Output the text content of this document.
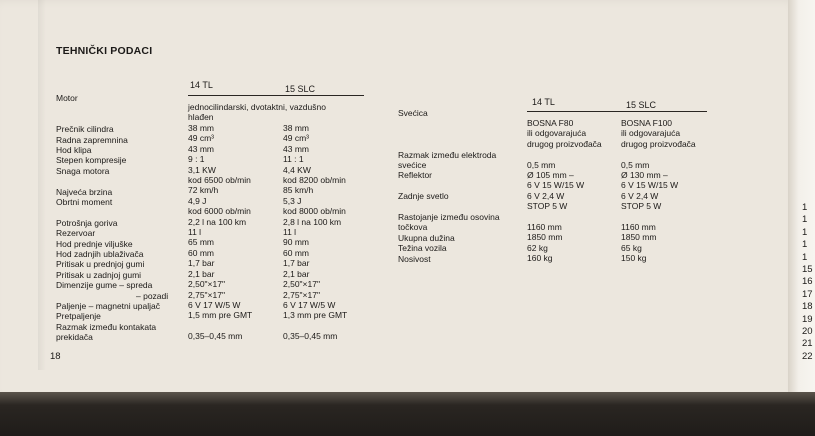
TEHNIČKI PODACI
14 TL	15 SLC
Motor
Prečnik cilindra
Radna zapremnina
Hod klipa
Stepen kompresije
Snaga motora
Najveća brzina
Obrtni moment
Potrošnja goriva
Rezervoar
Hod prednje viljuške
Hod zadnjih ublaživača
Pritisak u prednjoj gumi
Pritisak u zadnjoj gumi
Dimenzije gume – spreda
– pozadi
Paljenje – magnetni upaljač
Pretpaljenje
Razmak između kontakata
prekidača
jednocilindarski, dvotaktni, vazdušno
hlađen
38 mm
49 cm³
43 mm
9 : 1
3,1 KW
kod 6500 ob/min
72 km/h
4,9 J
kod 6000 ob/min
2,2 l na 100 km
11 l
65 mm
60 mm
1,7 bar
2,1 bar
2,50"×17"
2,75"×17"
6 V 17 W/5 W
1,5 mm pre GMT
0,35–0,45 mm
38 mm
49 cm³
43 mm
11 : 1
4,4 KW
kod 8200 ob/min
85 km/h
5,3 J
kod 8000 ob/min
2,8 l na 100 km
11 l
90 mm
60 mm
1,7 bar
2,1 bar
2,50"×17"
2,75"×17"
6 V 17 W/5 W
1,3 mm pre GMT
0,35–0,45 mm
14 TL	15 SLC
Svećica
Razmak između elektroda
svećice
Reflektor
Zadnje svetlo
Rastojanje između osovina
točkova
Ukupna dužina
Težina vozila
Nosivost
BOSNA F80
ili odgovarajuća
drugog proizvođača
0,5 mm
Ø 105 mm –
6 V 15 W/15 W
6 V 2,4 W
STOP 5 W
1160 mm
1850 mm
62 kg
160 kg
BOSNA F100
ili odgovarajuća
drugog proizvođača
0,5 mm
Ø 130 mm –
6 V 15 W/15 W
6 V 2,4 W
STOP 5 W
1160 mm
1850 mm
65 kg
150 kg
18
1
1
1
1
1
15
16
17
18
19
20
21
22
